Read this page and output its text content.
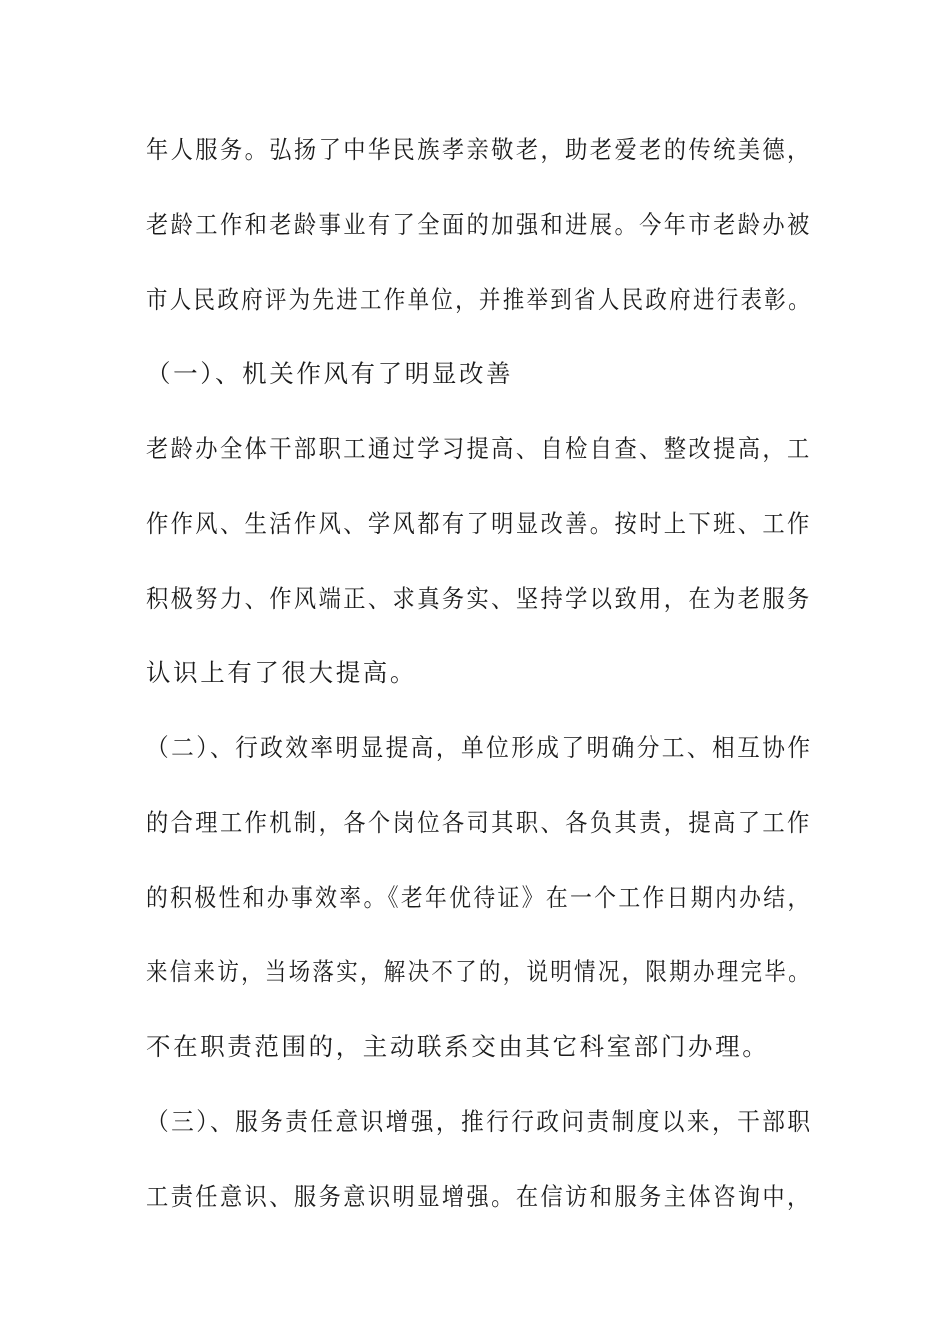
年人服务。弘扬了中华民族孝亲敬老，助老爱老的传统美德，
老龄工作和老龄事业有了全面的加强和进展。今年市老龄办被
市人民政府评为先进工作单位，并推举到省人民政府进行表彰。
（一）、机关作风有了明显改善
老龄办全体干部职工通过学习提高、自检自查、整改提高，工
作作风、生活作风、学风都有了明显改善。按时上下班、工作
积极努力、作风端正、求真务实、坚持学以致用，在为老服务
认识上有了很大提高。
（二）、行政效率明显提高，单位形成了明确分工、相互协作
的合理工作机制，各个岗位各司其职、各负其责，提高了工作
的积极性和办事效率。《老年优待证》在一个工作日期内办结，
来信来访，当场落实，解决不了的，说明情况，限期办理完毕。
不在职责范围的，主动联系交由其它科室部门办理。
（三）、服务责任意识增强，推行行政问责制度以来，干部职
工责任意识、服务意识明显增强。在信访和服务主体咨询中，
